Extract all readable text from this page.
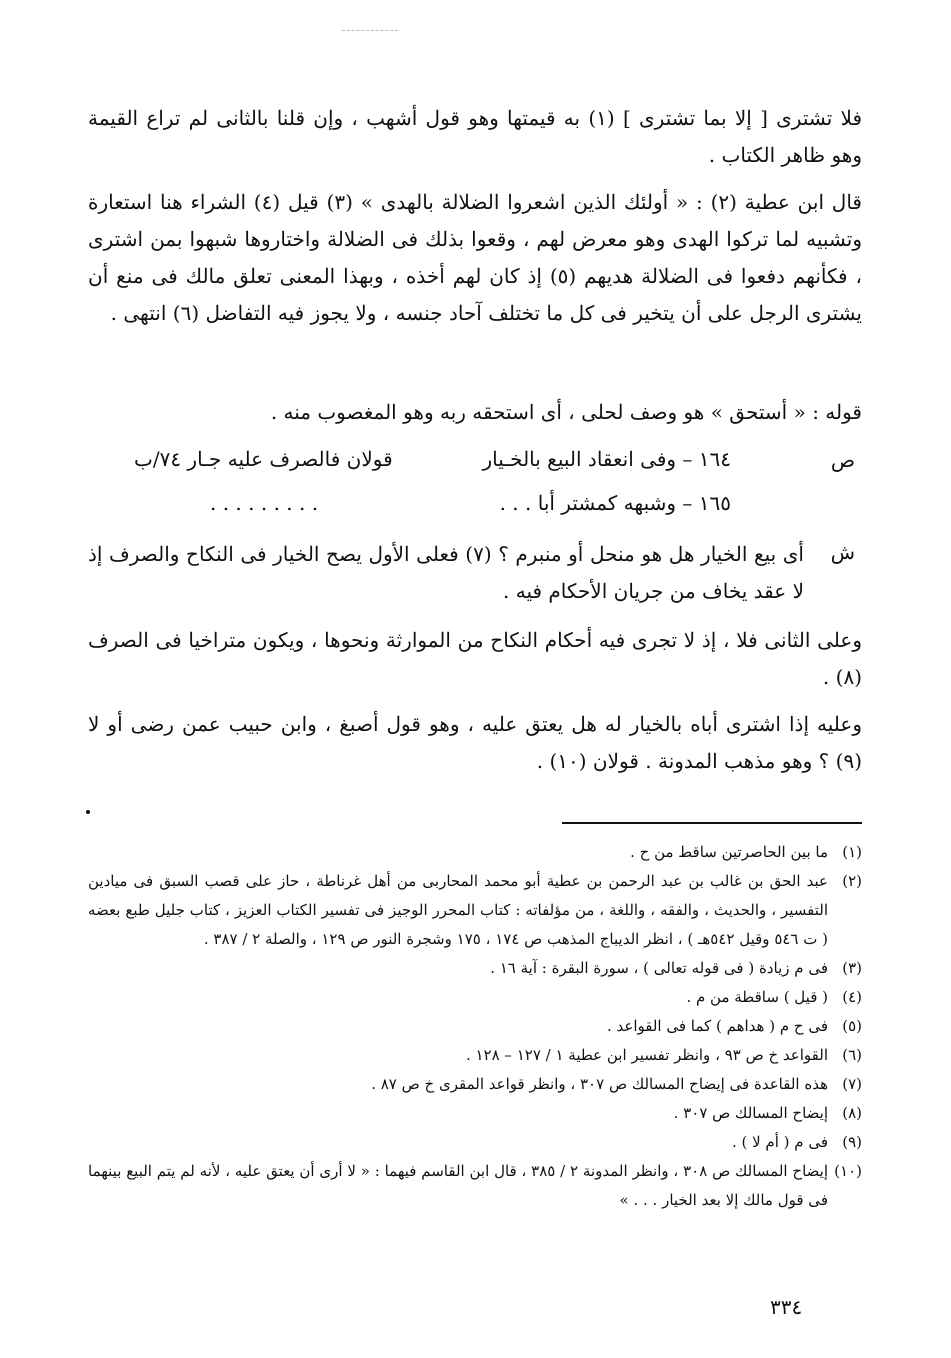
فلا تشترى [ إلا بما تشترى ] (١) به قيمتها وهو قول أشهب ، وإن قلنا بالثانى لم تراع القيمة وهو ظاهر الكتاب .

قال ابن عطية (٢) : « أولئك الذين اشعروا الضلالة بالهدى » (٣) قيل (٤) الشراء هنا استعارة وتشبيه لما تركوا الهدى وهو معرض لهم ، وقعوا بذلك فى الضلالة واختاروها شبهوا بمن اشترى ، فكأنهم دفعوا فى الضلالة هديهم (٥) إذ كان لهم أخذه ، وبهذا المعنى تعلق مالك فى منع أن يشترى الرجل على أن يتخير فى كل ما تختلف آحاد جنسه ، ولا يجوز فيه التفاضل (٦) انتهى .

قوله : « أستحق » هو وصف لحلى ، أى استحقه ربه وهو المغصوب منه .

ص
١٦٤ – وفى انعقاد البيع بالخـيار
قولان فالصرف عليه جـار ٧٤/ب
١٦٥ – وشبهه كمشتر أبا . . .
. . . . . . . . .
ش

أى بيع الخيار هل هو منحل أو منبرم ؟ (٧) فعلى الأول يصح الخيار فى النكاح والصرف إذ لا عقد يخاف من جريان الأحكام فيه .

وعلى الثانى فلا ، إذ لا تجرى فيه أحكام النكاح من الموارثة ونحوها ، ويكون متراخيا فى الصرف (٨) .

وعليه إذا اشترى أباه بالخيار له هل يعتق عليه ، وهو قول أصبغ ، وابن حبيب عمن رضى أو لا (٩) ؟ وهو مذهب المدونة . قولان (١٠) .

(١)
ما بين الحاصرتين ساقط من ح .
(٢)
عبد الحق بن غالب بن عبد الرحمن بن عطية أبو محمد المحاربى من أهل غرناطة ، حاز على قصب السبق فى ميادين التفسير ، والحديث ، والفقه ، واللغة ، من مؤلفاته : كتاب المحرر الوجيز فى تفسير الكتاب العزيز ، كتاب جليل طبع بعضه ( ت ٥٤٦ وقيل ٥٤٢هـ ) ، انظر الديباج المذهب ص ١٧٤ ، ١٧٥ وشجرة النور ص ١٢٩ ، والصلة ٢ / ٣٨٧ .
(٣)
فى م زيادة ( فى قوله تعالى ) ، سورة البقرة : آية ١٦ .
(٤)
( قيل ) ساقطة من م .
(٥)
فى ح م ( هداهم ) كما فى القواعد .
(٦)
القواعد خ ص ٩٣ ، وانظر تفسير ابن عطية ١ / ١٢٧ – ١٢٨ .
(٧)
هذه القاعدة فى إيضاح المسالك ص ٣٠٧ ، وانظر قواعد المقرى خ ص ٨٧ .
(٨)
إيضاح المسالك ص ٣٠٧ .
(٩)
فى م ( أم لا ) .
(١٠)
إيضاح المسالك ص ٣٠٨ ، وانظر المدونة ٢ / ٣٨٥ ، قال ابن القاسم فيهما : « لا أرى أن يعتق عليه ، لأنه لم يتم البيع بينهما فى قول مالك إلا بعد الخيار . . . »
٣٣٤
